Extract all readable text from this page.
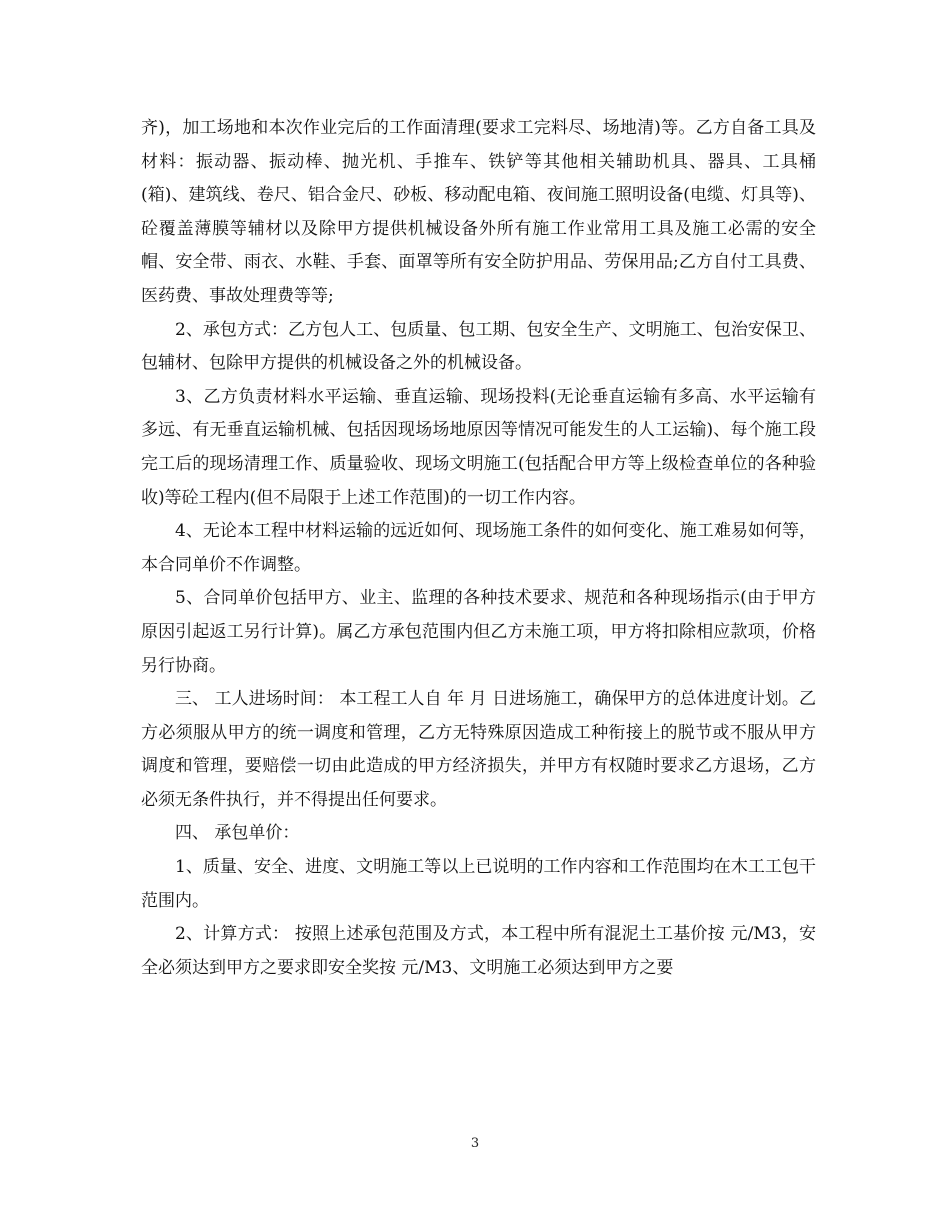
齐)，加工场地和本次作业完后的工作面清理(要求工完料尽、场地清)等。乙方自备工具及材料：振动器、振动棒、抛光机、手推车、铁铲等其他相关辅助机具、器具、工具桶(箱)、建筑线、卷尺、铝合金尺、砂板、移动配电箱、夜间施工照明设备(电缆、灯具等)、砼覆盖薄膜等辅材以及除甲方提供机械设备外所有施工作业常用工具及施工必需的安全帽、安全带、雨衣、水鞋、手套、面罩等所有安全防护用品、劳保用品;乙方自付工具费、医药费、事故处理费等等;

2、承包方式：乙方包人工、包质量、包工期、包安全生产、文明施工、包治安保卫、包辅材、包除甲方提供的机械设备之外的机械设备。

3、乙方负责材料水平运输、垂直运输、现场投料(无论垂直运输有多高、水平运输有多远、有无垂直运输机械、包括因现场场地原因等情况可能发生的人工运输)、每个施工段完工后的现场清理工作、质量验收、现场文明施工(包括配合甲方等上级检查单位的各种验收)等砼工程内(但不局限于上述工作范围)的一切工作内容。

4、无论本工程中材料运输的远近如何、现场施工条件的如何变化、施工难易如何等，本合同单价不作调整。

5、合同单价包括甲方、业主、监理的各种技术要求、规范和各种现场指示(由于甲方原因引起返工另行计算)。属乙方承包范围内但乙方未施工项，甲方将扣除相应款项，价格另行协商。

三、 工人进场时间： 本工程工人自 年 月 日进场施工，确保甲方的总体进度计划。乙方必须服从甲方的统一调度和管理，乙方无特殊原因造成工种衔接上的脱节或不服从甲方调度和管理，要赔偿一切由此造成的甲方经济损失，并甲方有权随时要求乙方退场，乙方必须无条件执行，并不得提出任何要求。

四、 承包单价：

1、质量、安全、进度、文明施工等以上已说明的工作内容和工作范围均在木工工包干范围内。

2、计算方式： 按照上述承包范围及方式，本工程中所有混泥土工基价按 元/M3，安全必须达到甲方之要求即安全奖按 元/M3、文明施工必须达到甲方之要

3
